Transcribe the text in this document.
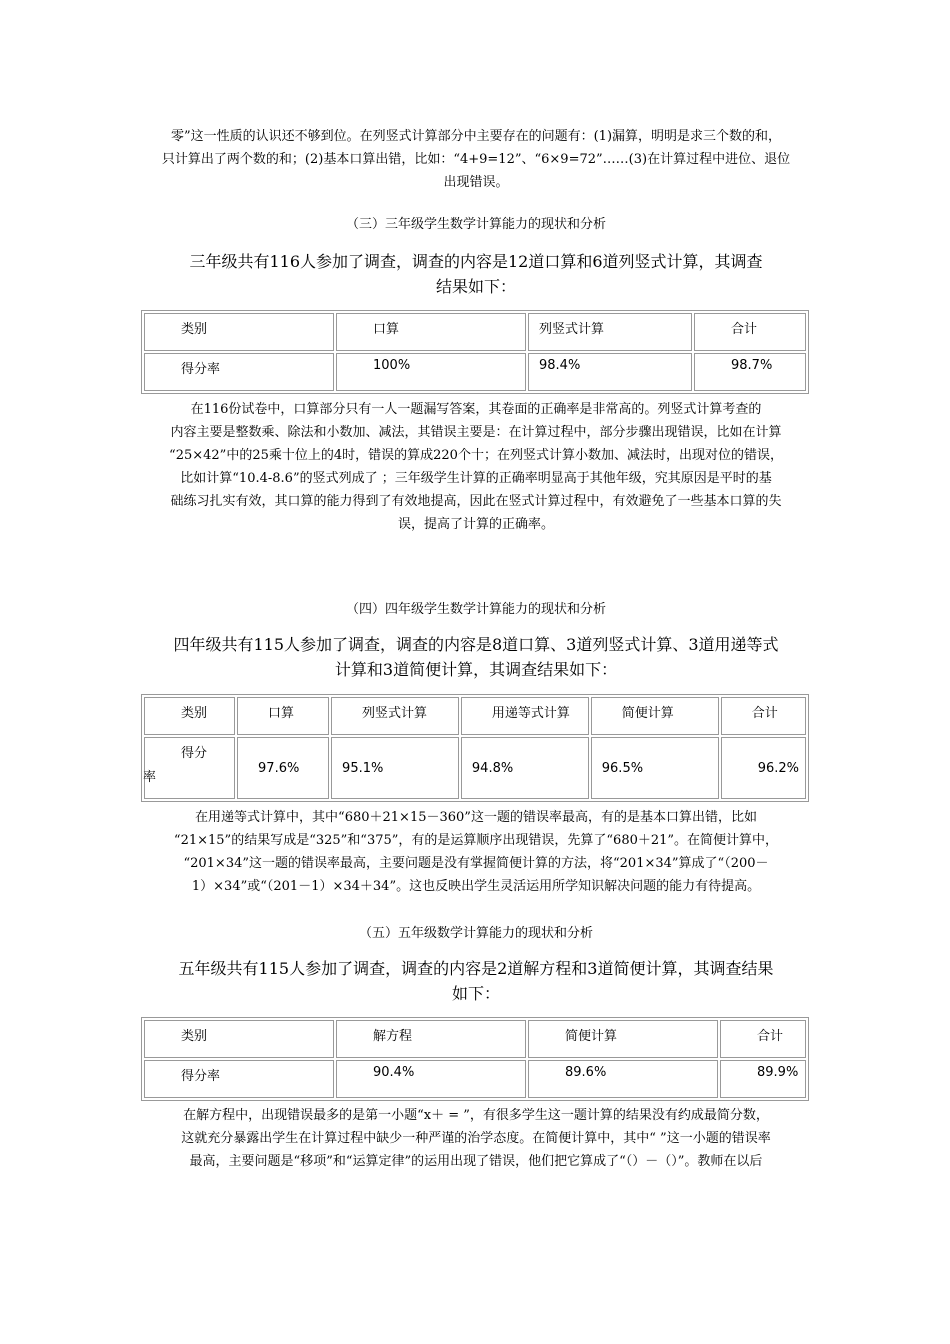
零”这一性质的认识还不够到位。在列竖式计算部分中主要存在的问题有：(1)漏算，明明是求三个数的和，
只计算出了两个数的和；(2)基本口算出错，比如：“4+9=12”、“6×9=72”……(3)在计算过程中进位、退位
出现错误。
（三）三年级学生数学计算能力的现状和分析
三年级共有116人参加了调查，调查的内容是12道口算和6道列竖式计算，其调查
结果如下：
类别	口算	列竖式计算	合计
得分率	100%	98.4%	98.7%
在116份试卷中，口算部分只有一人一题漏写答案，其卷面的正确率是非常高的。列竖式计算考查的
内容主要是整数乘、除法和小数加、减法，其错误主要是：在计算过程中，部分步骤出现错误，比如在计算
“25×42”中的25乘十位上的4时，错误的算成220个十；在列竖式计算小数加、减法时，出现对位的错误，
比如计算“10.4-8.6”的竖式列成了 ；三年级学生计算的正确率明显高于其他年级，究其原因是平时的基
础练习扎实有效，其口算的能力得到了有效地提高，因此在竖式计算过程中，有效避免了一些基本口算的失
误，提高了计算的正确率。
（四）四年级学生数学计算能力的现状和分析
四年级共有115人参加了调查，调查的内容是8道口算、3道列竖式计算、3道用递等式
计算和3道简便计算，其调查结果如下：
类别	口算	列竖式计算	用递等式计算	简便计算	合计

得分
率	97.6%	95.1%	94.8%	96.5%	96.2%
在用递等式计算中，其中“680＋21×15－360”这一题的错误率最高，有的是基本口算出错，比如
“21×15”的结果写成是“325”和“375”，有的是运算顺序出现错误，先算了“680＋21”。在简便计算中，
“201×34”这一题的错误率最高，主要问题是没有掌握简便计算的方法，将“201×34”算成了“（200－
1）×34”或“（201－1）×34＋34”。这也反映出学生灵活运用所学知识解决问题的能力有待提高。
（五）五年级数学计算能力的现状和分析
五年级共有115人参加了调查，调查的内容是2道解方程和3道简便计算，其调查结果
如下：
类别	解方程	简便计算	合计
得分率	90.4%	89.6%	89.9%
在解方程中，出现错误最多的是第一小题“x＋ = ”，有很多学生这一题计算的结果没有约成最简分数，
这就充分暴露出学生在计算过程中缺少一种严谨的治学态度。在简便计算中，其中“ ”这一小题的错误率
最高，主要问题是“移项”和“运算定律”的运用出现了错误，他们把它算成了“（）－（）”。教师在以后
